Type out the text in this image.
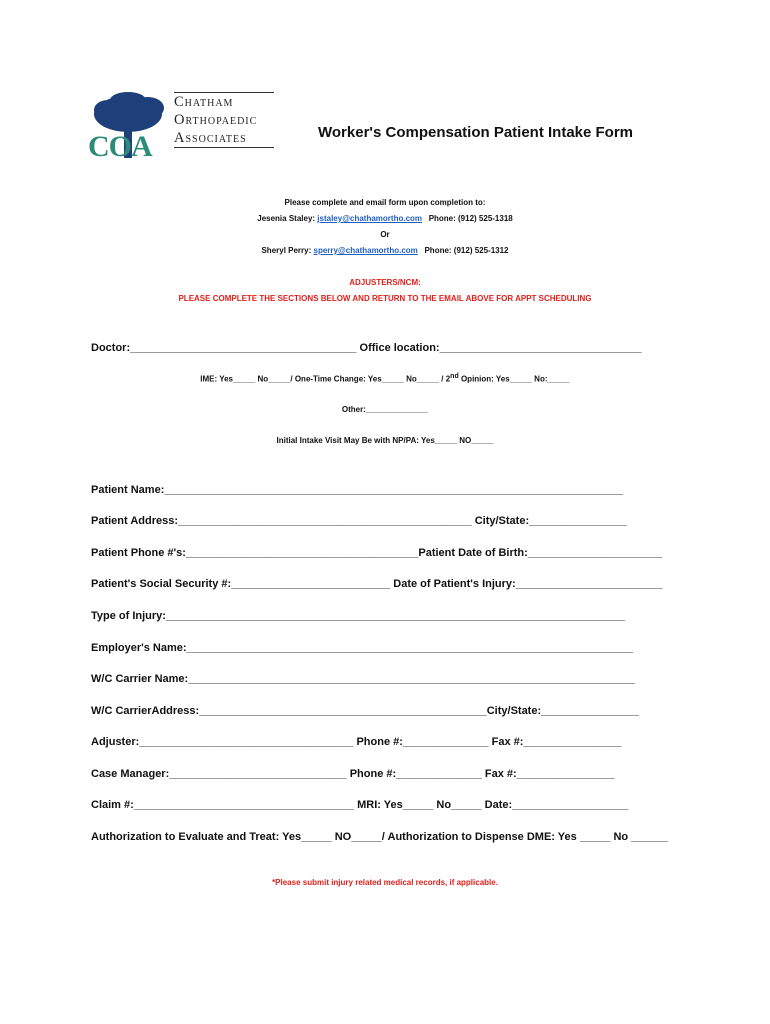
COA
Chatham
Orthopaedic
Associates	Worker's Compensation Patient Intake Form
Please complete and email form upon completion to:
Jesenia Staley: jstaley@chathamortho.com Phone: (912) 525-1318
Or
Sheryl Perry: sperry@chathamortho.com Phone: (912) 525-1312
ADJUSTERS/NCM:
PLEASE COMPLETE THE SECTIONS BELOW AND RETURN TO THE EMAIL ABOVE FOR APPT SCHEDULING
Doctor:_____________________________________ Office location:_________________________________
IME: Yes_____ No_____/ One-Time Change: Yes_____ No_____ / 2nd Opinion: Yes_____ No:_____
Other:______________
Initial Intake Visit May Be with NP/PA: Yes_____ NO_____
Patient Name:___________________________________________________________________________
Patient Address:________________________________________________ City/State:________________
Patient Phone #'s:______________________________________Patient Date of Birth:______________________
Patient's Social Security #:__________________________ Date of Patient's Injury:________________________
Type of Injury:___________________________________________________________________________
Employer's Name:_________________________________________________________________________
W/C Carrier Name:_________________________________________________________________________
W/C CarrierAddress:_______________________________________________City/State:________________
Adjuster:___________________________________ Phone #:______________ Fax #:________________
Case Manager:_____________________________ Phone #:______________ Fax #:________________
Claim #:____________________________________ MRI: Yes_____ No_____ Date:___________________
Authorization to Evaluate and Treat: Yes_____ NO_____/ Authorization to Dispense DME: Yes _____ No ______
*Please submit injury related medical records, if applicable.
